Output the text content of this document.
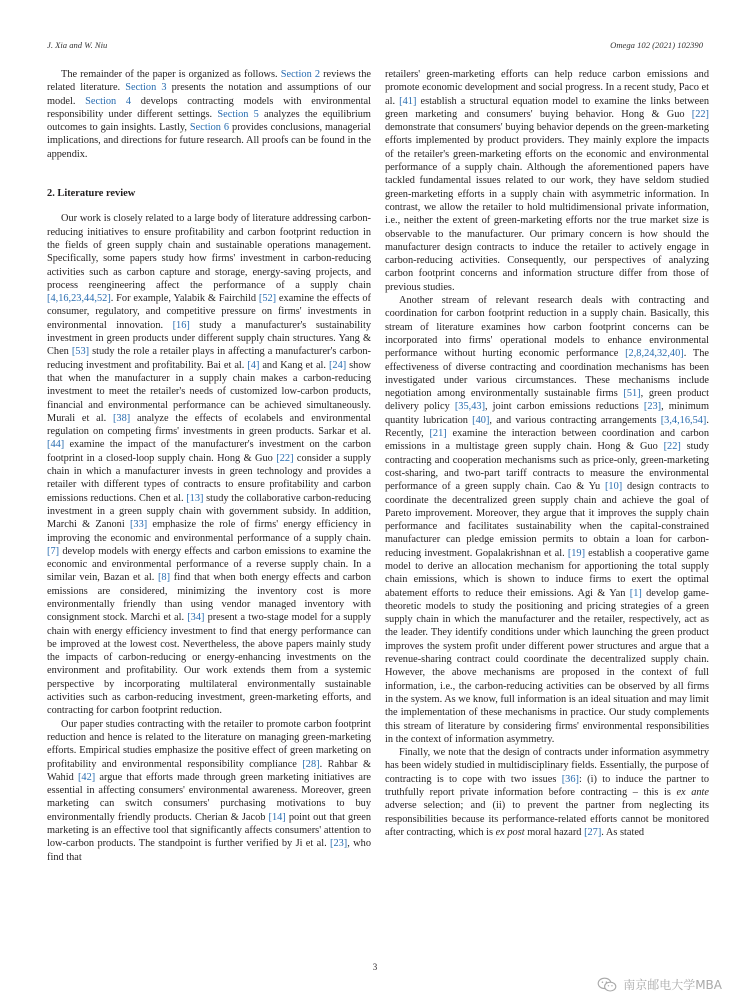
J. Xia and W. Niu	Omega 102 (2021) 102390

The remainder of the paper is organized as follows. Section 2 reviews the related literature. Section 3 presents the notation and assumptions of our model. Section 4 develops contracting models with environmental responsibility under different settings. Section 5 analyzes the equilibrium outcomes to gain insights. Lastly, Section 6 provides conclusions, managerial implications, and directions for future research. All proofs can be found in the appendix.

2. Literature review

Our work is closely related to a large body of literature addressing carbon-reducing initiatives to ensure profitability and carbon footprint reduction in the fields of green supply chain and sustainable operations management. Specifically, some papers study how firms' investment in carbon-reducing activities such as carbon capture and storage, energy-saving projects, and process reengineering affect the performance of a supply chain [4,16,23,44,52]. For example, Yalabik & Fairchild [52] examine the effects of consumer, regulatory, and competitive pressure on firms' investments in environmental innovation. [16] study a manufacturer's sustainability investment in green products under different supply chain structures. Yang & Chen [53] study the role a retailer plays in affecting a manufacturer's carbon-reducing investment and profitability. Bai et al. [4] and Kang et al. [24] show that when the manufacturer in a supply chain makes a carbon-reducing investment to meet the retailer's needs of customized low-carbon products, financial and environmental performance can be achieved simultaneously. Murali et al. [38] analyze the effects of ecolabels and environmental regulation on competing firms' investments in green products. Sarkar et al. [44] examine the impact of the manufacturer's investment on the carbon footprint in a closed-loop supply chain. Hong & Guo [22] consider a supply chain in which a manufacturer invests in green technology and provides a retailer with different types of contracts to ensure profitability and carbon emissions reductions. Chen et al. [13] study the collaborative carbon-reducing investment in a green supply chain with government subsidy. In addition, Marchi & Zanoni [33] emphasize the role of firms' energy efficiency in improving the economic and environmental performance of a supply chain. [7] develop models with energy effects and carbon emissions to examine the economic and environmental performance of a reverse supply chain. In a similar vein, Bazan et al. [8] find that when both energy effects and carbon emissions are considered, minimizing the inventory cost is more environmentally friendly than using vendor managed inventory with consignment stock. Marchi et al. [34] present a two-stage model for a supply chain with energy efficiency investment to find that energy performance can be improved at the lowest cost. Nevertheless, the above papers mainly study the impacts of carbon-reducing or energy-enhancing investments on the environment and profitability. Our work extends them from a systemic perspective by incorporating multilateral environmentally sustainable activities such as carbon-reducing investment, green-marketing efforts, and contracting for carbon footprint reduction.

Our paper studies contracting with the retailer to promote carbon footprint reduction and hence is related to the literature on managing green-marketing efforts. Empirical studies emphasize the positive effect of green marketing on profitability and environmental responsibility compliance [28]. Rahbar & Wahid [42] argue that efforts made through green marketing initiatives are essential in affecting consumers' environmental awareness. Moreover, green marketing can switch consumers' purchasing motivations to buy environmentally friendly products. Cherian & Jacob [14] point out that green marketing is an effective tool that significantly affects consumers' attention to low-carbon products. The standpoint is further verified by Ji et al. [23], who find that

retailers' green-marketing efforts can help reduce carbon emissions and promote economic development and social progress. In a recent study, Paco et al. [41] establish a structural equation model to examine the links between green marketing and consumers' buying behavior. Hong & Guo [22] demonstrate that consumers' buying behavior depends on the green-marketing efforts implemented by product providers. They mainly explore the impacts of the retailer's green-marketing efforts on the economic and environmental performance of a supply chain. Although the aforementioned papers have tackled fundamental issues related to our work, they have seldom studied green-marketing efforts in a supply chain with asymmetric information. In contrast, we allow the retailer to hold multidimensional private information, i.e., neither the extent of green-marketing efforts nor the true market size is observable to the manufacturer. Our primary concern is how should the manufacturer design contracts to induce the retailer to actively engage in carbon-reducing activities. Consequently, our perspectives of analyzing carbon footprint concerns and information structure differ from those of previous studies.

Another stream of relevant research deals with contracting and coordination for carbon footprint reduction in a supply chain. Basically, this stream of literature examines how carbon footprint concerns can be incorporated into firms' operational models to enhance environmental performance without hurting economic performance [2,8,24,32,40]. The effectiveness of diverse contracting and coordination mechanisms has been investigated under various circumstances. These mechanisms include negotiation among environmentally sustainable firms [51], green product delivery policy [35,43], joint carbon emissions reductions [23], minimum quantity lubrication [40], and various contracting arrangements [3,4,16,54]. Recently, [21] examine the interaction between coordination and carbon emissions in a multistage green supply chain. Hong & Guo [22] study contracting and cooperation mechanisms such as price-only, green-marketing cost-sharing, and two-part tariff contracts to measure the environmental performance of a green supply chain. Cao & Yu [10] design contracts to coordinate the decentralized green supply chain and achieve the goal of Pareto improvement. Moreover, they argue that it improves the supply chain performance and facilitates sustainability when the capital-constrained manufacturer can pledge emission permits to obtain a loan for carbon-reducing investment. Gopalakrishnan et al. [19] establish a cooperative game model to derive an allocation mechanism for apportioning the total supply chain emissions, which is shown to induce firms to exert the optimal abatement efforts to reduce their emissions. Agi & Yan [1] develop game-theoretic models to study the positioning and pricing strategies of a green supply chain in which the manufacturer and the retailer, respectively, act as the leader. They identify conditions under which launching the green product improves the system profit under different power structures and argue that a revenue-sharing contract could coordinate the decentralized supply chain. However, the above mechanisms are proposed in the context of full information, i.e., the carbon-reducing activities can be observed by all firms in the system. As we know, full information is an ideal situation and may limit the implementation of these mechanisms in practice. Our study complements this stream of literature by considering firms' environmental responsibilities in the context of information asymmetry.

Finally, we note that the design of contracts under information asymmetry has been widely studied in multidisciplinary fields. Essentially, the purpose of contracting is to cope with two issues [36]: (i) to induce the partner to truthfully report private information before contracting – this is ex ante adverse selection; and (ii) to prevent the partner from neglecting its responsibilities because its performance-related efforts cannot be monitored after contracting, which is ex post moral hazard [27]. As stated

3
南京邮电大学MBA
